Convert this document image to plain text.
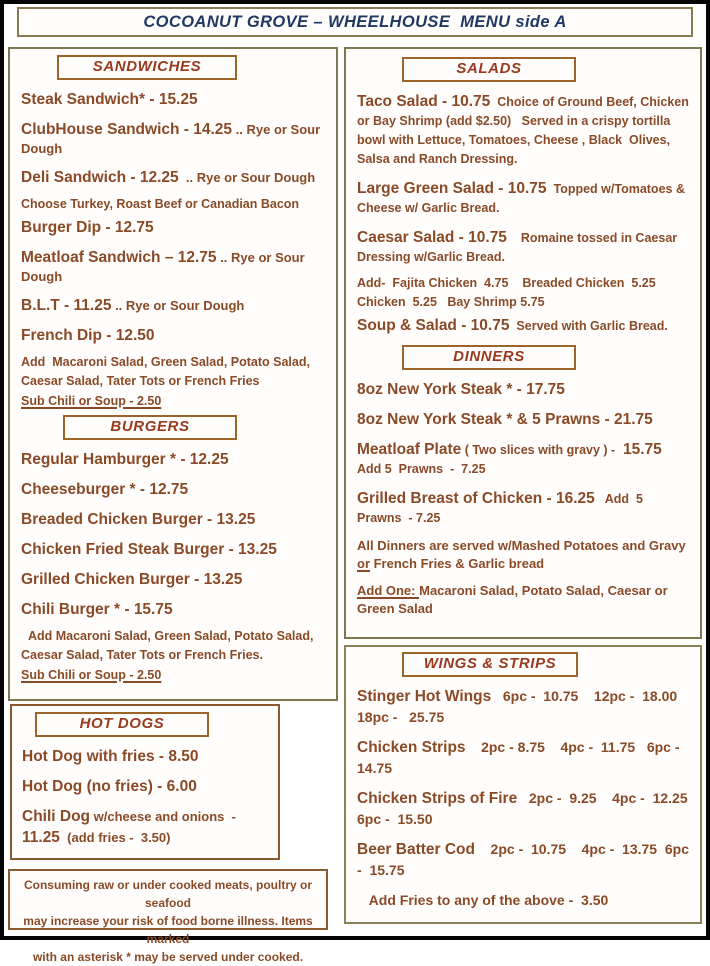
COCOANUT GROVE – WHEELHOUSE  MENU side A
SANDWICHES
Steak Sandwich* - 15.25
ClubHouse Sandwich - 14.25 .. Rye or Sour Dough
Deli Sandwich - 12.25  .. Rye or Sour Dough
Choose Turkey, Roast Beef or Canadian Bacon
Burger Dip - 12.75
Meatloaf Sandwich – 12.75 .. Rye or Sour Dough
B.L.T - 11.25 .. Rye or Sour Dough
French Dip - 12.50
Add  Macaroni Salad, Green Salad, Potato Salad, Caesar Salad, Tater Tots or French Fries
Sub Chili or Soup - 2.50
BURGERS
Regular Hamburger * - 12.25
Cheeseburger * - 12.75
Breaded Chicken Burger - 13.25
Chicken Fried Steak Burger - 13.25
Grilled Chicken Burger - 13.25
Chili Burger * - 15.75
Add Macaroni Salad, Green Salad, Potato Salad, Caesar Salad, Tater Tots or French Fries.
Sub Chili or Soup - 2.50
SALADS
Taco Salad - 10.75  Choice of Ground Beef, Chicken or Bay Shrimp (add $2.50)   Served in a crispy tortilla bowl with Lettuce, Tomatoes, Cheese , Black  Olives, Salsa and Ranch Dressing.
Large Green Salad - 10.75  Topped w/Tomatoes & Cheese w/ Garlic Bread.
Caesar Salad - 10.75    Romaine tossed in Caesar Dressing w/Garlic Bread.
Add-  Fajita Chicken  4.75    Breaded Chicken  5.25  Chicken  5.25   Bay Shrimp 5.75
Soup & Salad - 10.75  Served with Garlic Bread.
DINNERS
8oz New York Steak * - 17.75
8oz New York Steak * & 5 Prawns - 21.75
Meatloaf Plate ( Two slices with gravy ) -  15.75   Add 5  Prawns  -  7.25
Grilled Breast of Chicken - 16.25   Add  5  Prawns  - 7.25
All Dinners are served w/Mashed Potatoes and Gravy or French Fries & Garlic bread
Add One: Macaroni Salad, Potato Salad, Caesar or Green Salad
WINGS & STRIPS
Stinger Hot Wings   6pc -  10.75    12pc -  18.00  18pc -   25.75
Chicken Strips    2pc - 8.75    4pc -  11.75   6pc - 14.75
Chicken Strips of Fire   2pc -  9.25    4pc -  12.25  6pc -  15.50
Beer Batter Cod    2pc -  10.75    4pc -  13.75  6pc -  15.75
Add Fries to any of the above -  3.50
HOT DOGS
Hot Dog with fries - 8.50
Hot Dog (no fries) - 6.00
Chili Dog w/cheese and onions  - 11.25  (add fries -  3.50)
Consuming raw or under cooked meats, poultry or seafood
may increase your risk of food borne illness. Items marked
with an asterisk * may be served under cooked.
